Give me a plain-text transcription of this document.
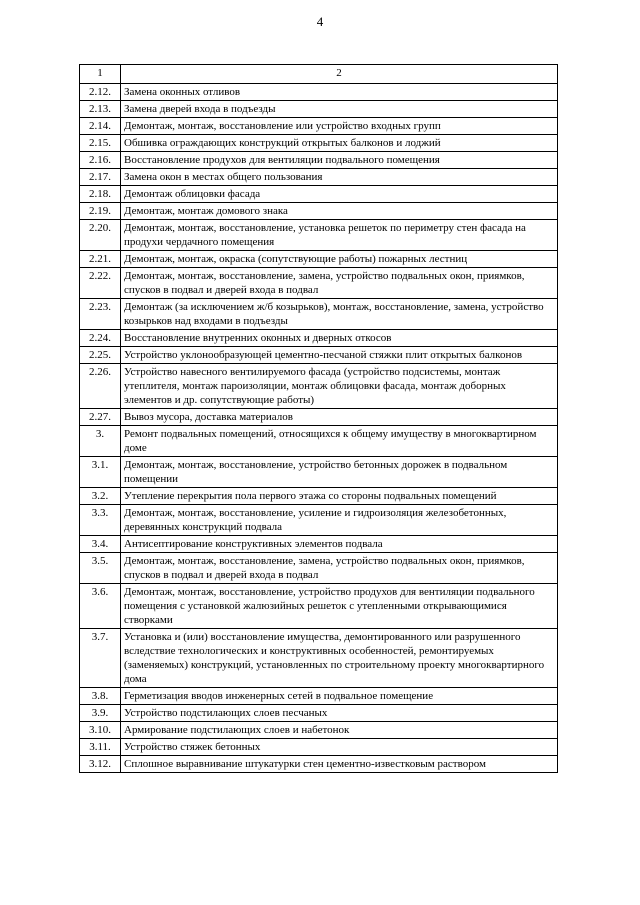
4
1	2
2.12.	Замена оконных отливов
2.13.	Замена дверей входа в подъезды
2.14.	Демонтаж, монтаж, восстановление или устройство входных групп
2.15.	Обшивка ограждающих конструкций открытых балконов и лоджий
2.16.	Восстановление продухов для вентиляции подвального помещения
2.17.	Замена окон в местах общего пользования
2.18.	Демонтаж облицовки фасада
2.19.	Демонтаж, монтаж домового знака
2.20.	Демонтаж, монтаж, восстановление, установка решеток по периметру стен фасада на продухи чердачного помещения
2.21.	Демонтаж, монтаж, окраска (сопутствующие работы) пожарных лестниц
2.22.	Демонтаж, монтаж, восстановление, замена, устройство подвальных окон, приямков, спусков в подвал и дверей входа в подвал
2.23.	Демонтаж (за исключением ж/б козырьков), монтаж, восстановление, замена, устройство козырьков над входами в подъезды
2.24.	Восстановление внутренних оконных и дверных откосов
2.25.	Устройство уклонообразующей цементно-песчаной стяжки плит открытых балконов
2.26.	Устройство навесного вентилируемого фасада (устройство подсистемы, монтаж утеплителя, монтаж пароизоляции, монтаж облицовки фасада, монтаж доборных элементов и др. сопутствующие работы)
2.27.	Вывоз мусора, доставка материалов
3.	Ремонт подвальных помещений, относящихся к общему имуществу в многоквартирном доме
3.1.	Демонтаж, монтаж, восстановление, устройство бетонных дорожек в подвальном помещении
3.2.	Утепление перекрытия пола первого этажа со стороны подвальных помещений
3.3.	Демонтаж, монтаж, восстановление, усиление и гидроизоляция железобетонных, деревянных конструкций подвала
3.4.	Антисептирование конструктивных элементов подвала
3.5.	Демонтаж, монтаж, восстановление, замена, устройство подвальных окон, приямков, спусков в подвал и дверей входа в подвал
3.6.	Демонтаж, монтаж, восстановление, устройство продухов для вентиляции подвального помещения с установкой жалюзийных решеток с утепленными открывающимися створками
3.7.	Установка и (или) восстановление имущества, демонтированного или разрушенного вследствие технологических и конструктивных особенностей, ремонтируемых (заменяемых) конструкций, установленных по строительному проекту многоквартирного дома
3.8.	Герметизация вводов инженерных сетей в подвальное помещение
3.9.	Устройство подстилающих слоев песчаных
3.10.	Армирование подстилающих слоев и набетонок
3.11.	Устройство стяжек бетонных
3.12.	Сплошное выравнивание штукатурки стен цементно-известковым раствором
